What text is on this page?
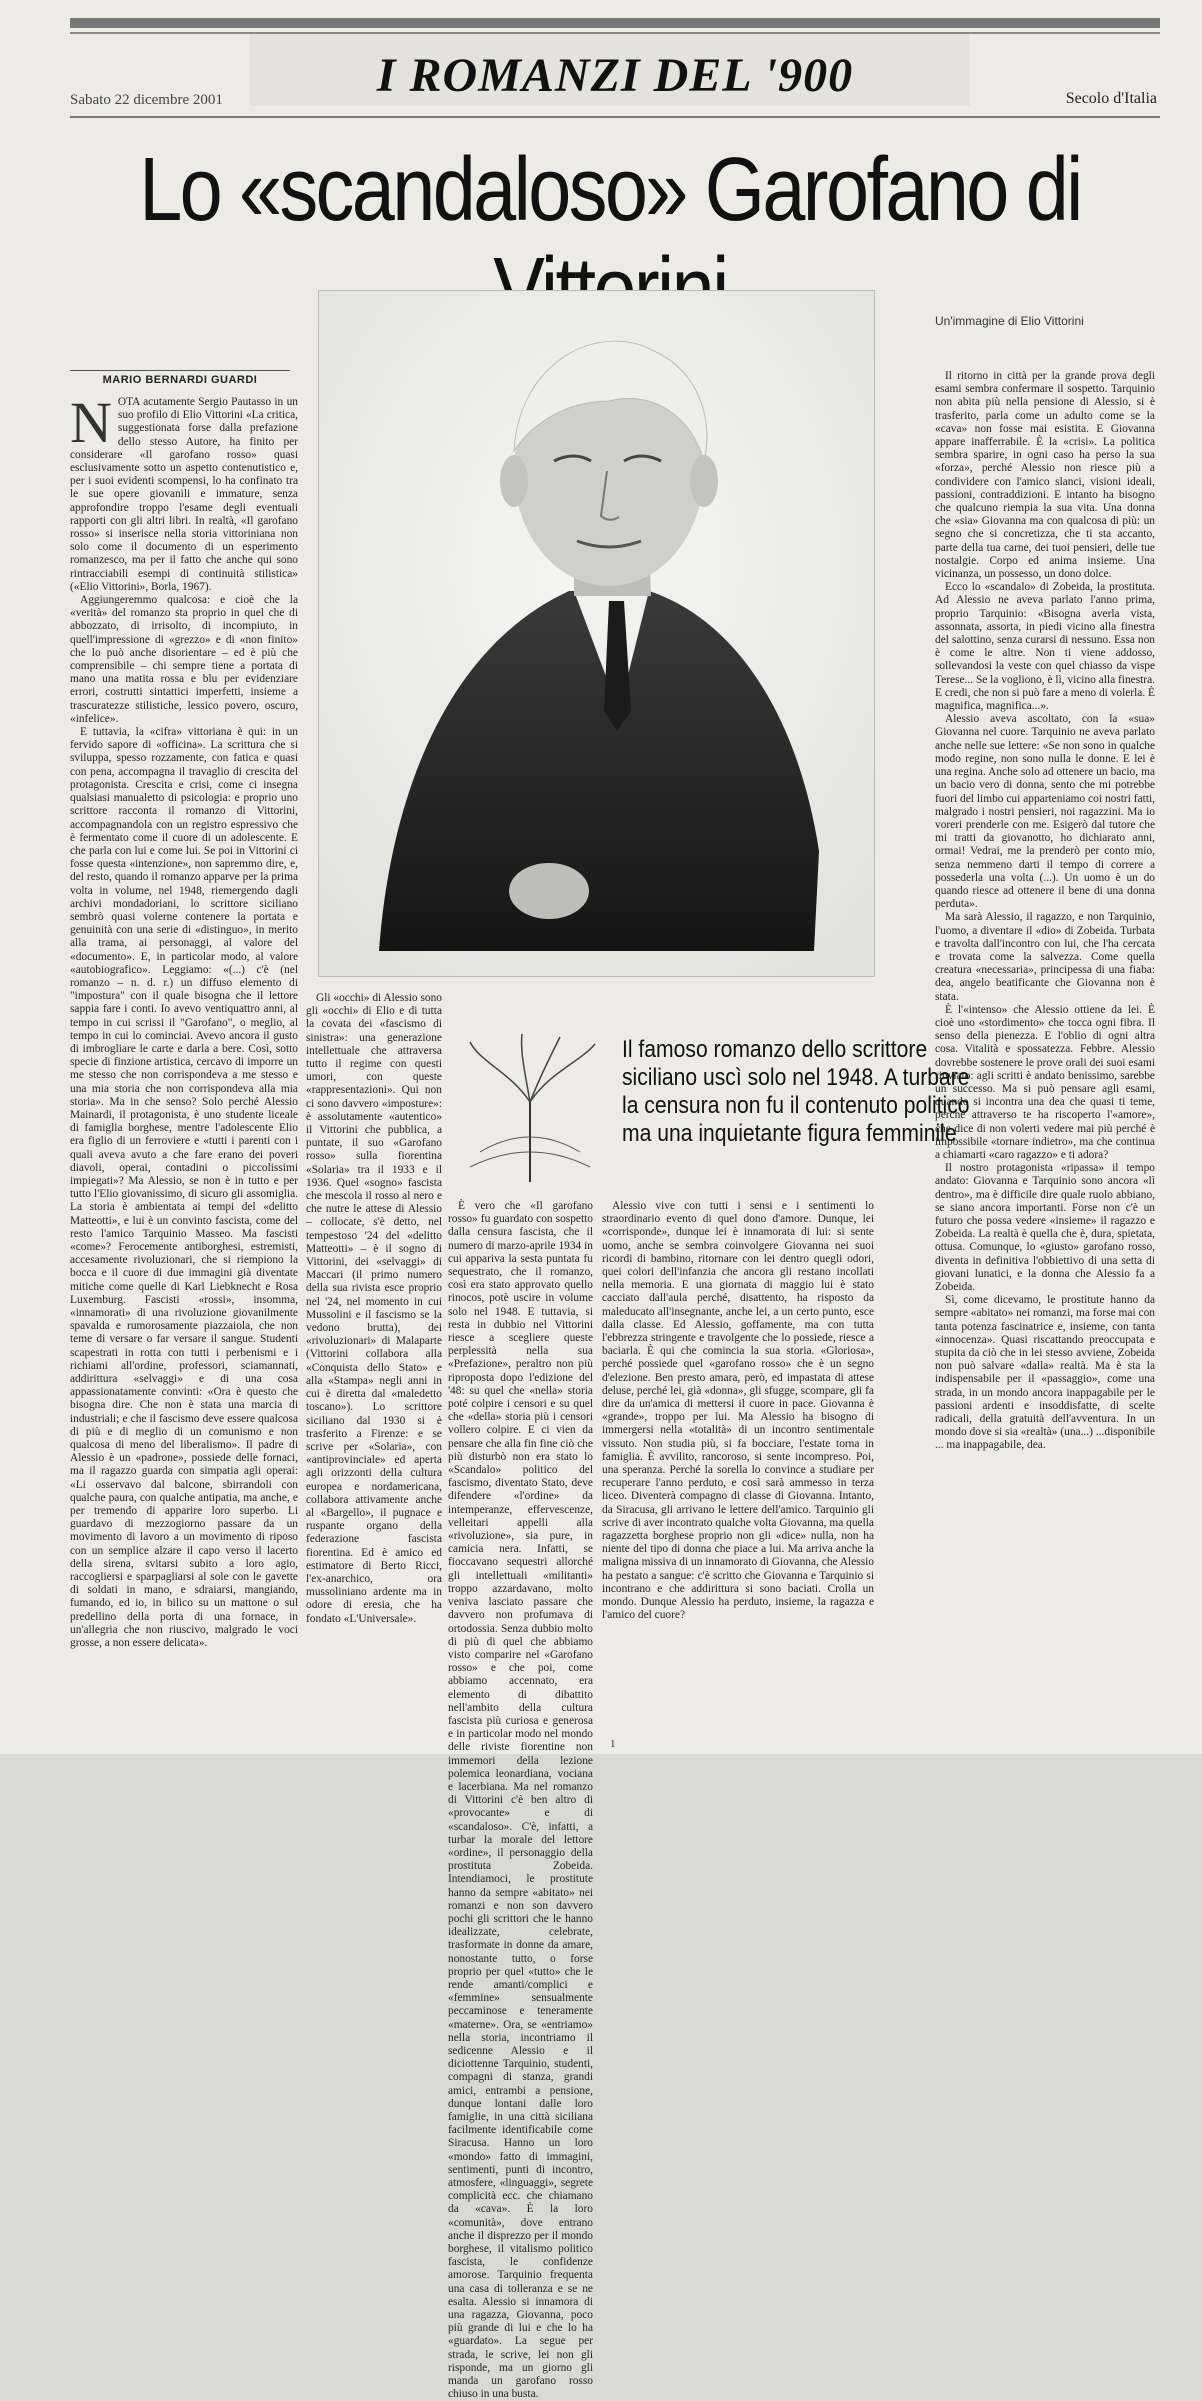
I ROMANZI DEL '900
Sabato 22 dicembre 2001	Secolo d'Italia
Lo «scandaloso» Garofano di
MARIO BERNARDI GUARDI
Un'immagine di Elio Vittorini
N OTA acutamente Sergio Pautasso in un suo profilo di Elio Vittorini «La critica, suggestionata forse dalla prefazione dello stesso Autore, ha finito per considerare «Il garofano rosso» quasi esclusivamente sotto un aspetto contenutistico e, per i suoi evidenti scompensi, lo ha confinato tra le sue opere giovanili e immature, senza approfondire troppo l'esame degli eventuali rapporti con gli altri libri. In realtà, «Il garofano rosso» si inserisce nella storia vittoriniana non solo come il documento di un esperimento romanzesco, ma per il fatto che anche qui sono rintracciabili esempi di continuità stilistica» («Elio Vittorini», Borla, 1967).

Aggiungeremmo qualcosa: e cioè che la «verità» del romanzo sta proprio in quel che di abbozzato, di irrisolto, di incompiuto, in quell'impressione di «grezzo» e di «non finito» che lo può anche disorientare – ed è più che comprensibile – chi sempre tiene a portata di mano una matita rossa e blu per evidenziare errori, costrutti sintattici imperfetti, insieme a trascuratezze stilistiche, lessico povero, oscuro, «infelice».

E tuttavia, la «cifra» vittoriana è qui: in un fervido sapore di «officina». La scrittura che si sviluppa, spesso rozzamente, con fatica e quasi con pena, accompagna il travaglio di crescita del protagonista. Crescita e crisi, come ci insegna qualsiasi manualetto di psicologia: e proprio uno scrittore racconta il romanzo di Vittorini, accompagnandola con un registro espressivo che è fermentato come il cuore di un adolescente. E che parla con lui e come lui. Se poi in Vittorini ci fosse questa «intenzione», non sapremmo dire, e, del resto, quando il romanzo apparve per la prima volta in volume, nel 1948, riemergendo dagli archivi mondadoriani, lo scrittore siciliano sembrò quasi volerne contenere la portata e genuinità con una serie di «distinguo», in merito alla trama, ai personaggi, al valore del «documento». E, in particolar modo, al valore «autobiografico». Leggiamo: «(...) c'è (nel romanzo – n. d. r.) un diffuso elemento di "impostura" con il quale bisogna che il lettore sappia fare i conti. Io avevo ventiquattro anni, al tempo in cui scrissi il "Garofano", o meglio, al tempo in cui lo cominciai. Avevo ancora il gusto di imbrogliare le carte e darla a bere. Così, sotto specie di finzione artistica, cercavo di imporre un me stesso che non corrispondeva a me stesso e una mia storia che non corrispondeva alla mia storia». Ma in che senso? Solo perché Alessio Mainardi, il protagonista, è uno studente liceale di famiglia borghese, mentre l'adolescente Elio era figlio di un ferroviere e «tutti i parenti con i quali aveva avuto a che fare erano dei poveri diavoli, operai, contadini o piccolissimi impiegati»? Ma Alessio, se non è in tutto e per tutto l'Elio giovanissimo, di sicuro gli assomiglia. La storia è ambientata ai tempi del «delitto Matteotti», e lui è un convinto fascista, come del resto l'amico Tarquinio Masseo. Ma fascisti «come»? Ferocemente antiborghesi, estremisti, accesamente rivoluzionari, che si riempiono la bocca e il cuore di due immagini già diventate mitiche come quelle di Karl Liebknecht e Rosa Luxemburg. Fascisti «rossi», insomma, «innamorati» di una rivoluzione giovanilmente spavalda e rumorosamente piazzaiola, che non teme di versare o far versare il sangue. Studenti scapestrati in rotta con tutti i perbenismi e i richiami all'ordine, professori, sciamannati, addirittura «selvaggi» e di una cosa appassionatamente convinti: «Ora è questo che bisogna dire. Che non è stata una marcia di industriali; e che il fascismo deve essere qualcosa di più e di meglio di un comunismo e non qualcosa di meno del liberalismo». Il padre di Alessio è un «padrone», possiede delle fornaci, ma il ragazzo guarda con simpatia agli operai: «Li osservavo dal balcone, sbirrandoli con qualche paura, con qualche antipatia, ma anche, e per tremendo di apparire loro superbo. Li guardavo di mezzogiorno passare da un movimento di lavoro a un movimento di riposo con un semplice alzare il capo verso il lacerto della sirena, svitarsi subito a loro agio, raccogliersi e sparpagliarsi al sole con le gavette di soldati in mano, e sdraiarsi, mangiando, fumando, ed io, in bilico su un mattone o sul predellino della porta di una fornace, in un'allegria che non riuscivo, malgrado le voci grosse, a non essere delicata».

Gli «occhi» di Alessio sono gli «occhi» di Elio e di tutta la covata dei «fascismo di sinistra»: una generazione intellettuale che attraversa tutto il regime con questi umori, con queste «rappresentazioni». Qui non ci sono davvero «imposture»: è assolutamente «autentico» il Vittorini che pubblica, a puntate, il suo «Garofano rosso» sulla fiorentina «Solaria» tra il 1933 e il 1936. Quel «sogno» fascista che mescola il rosso al nero e che nutre le attese di Alessio – collocate, s'è detto, nel tempestoso '24 del «delitto Matteotti» – è il sogno di Vittorini, dei «selvaggi» di Maccari (il primo numero della sua rivista esce proprio nel '24, nel momento in cui Mussolini e il fascismo se la vedono brutta), dei «rivoluzionari» di Malaparte (Vittorini collabora alla «Conquista dello Stato» e alla «Stampa» negli anni in cui è diretta dal «maledetto toscano»). Lo scrittore siciliano dal 1930 si è trasferito a Firenze: e se scrive per «Solaria», con «antiprovinciale» ed aperta agli orizzonti della cultura europea e nordamericana, collabora attivamente anche al «Bargello», il pugnace e ruspante organo della federazione fascista fiorentina. Ed è amico ed estimatore di Berto Ricci, l'ex-anarchico, ora mussoliniano ardente ma in odore di eresia, che ha fondato «L'Universale».

Il famoso romanzo dello scrittore siciliano uscì solo nel 1948. A turbare la censura non fu il contenuto politico ma una inquietante figura femminile

È vero che «Il garofano rosso» fu guardato con sospetto dalla censura fascista, che il numero di marzo-aprile 1934 in cui appariva la sesta puntata fu sequestrato, che il romanzo, così era stato approvato quello rinocos, potè uscire in volume solo nel 1948. E tuttavia, si resta in dubbio nel Vittorini riesce a scegliere queste perplessità nella sua «Prefazione», peraltro non più riproposta dopo l'edizione del '48: su quel che «nella» storia poté colpire i censori e su quel che «della» storia più i censori vollero colpire. E ci vien da pensare che alla fin fine ciò che più disturbò non era stato lo «Scandalo» politico del fascismo, diventato Stato, deve difendere «l'ordine» da intemperanze, effervescenze, velleitari appelli alla «rivoluzione», sia pure, in camicia nera. Infatti, se fioccavano sequestri allorché gli intellettuali «militanti» troppo azzardavano, molto veniva lasciato passare che davvero non profumava di ortodossia. Senza dubbio molto di più di quel che abbiamo visto comparire nel «Garofano rosso» e che poi, come abbiamo accennato, era elemento di dibattito nell'ambito della cultura fascista più curiosa e generosa e in particolar modo nel mondo delle riviste fiorentine non immemori della lezione polemica leonardiana, vociana e lacerbiana. Ma nel romanzo di Vittorini c'è ben altro di «provocante» e di «scandaloso». C'è, infatti, a turbar la morale del lettore «ordine», il personaggio della prostituta Zobeida. Intendiamoci, le prostitute hanno da sempre «abitato» nei romanzi e non son davvero pochi gli scrittori che le hanno idealizzate, celebrate, trasformate in donne da amare, nonostante tutto, o forse proprio per quel «tutto» che le rende amanti/complici e «femmine» sensualmente peccaminose e teneramente «materne». Ora, se «entriamo» nella storia, incontriamo il sedicenne Alessio e il diciottenne Tarquinio, studenti, compagni di stanza, grandi amici, entrambi a pensione, dunque lontani dalle loro famiglie, in una città siciliana facilmente identificabile come Siracusa. Hanno un loro «mondo» fatto di immagini, sentimenti, punti di incontro, atmosfere, «linguaggi», segrete complicità ecc. che chiamano da «cava». È la loro «comunità», dove entrano anche il disprezzo per il mondo borghese, il vitalismo politico fascista, le confidenze amorose. Tarquinio frequenta una casa di tolleranza e se ne esalta. Alessio si innamora di una ragazza, Giovanna, poco più grande di lui e che lo ha «guardato». La segue per strada, le scrive, lei non gli risponde, ma un giorno gli manda un garofano rosso chiuso in una busta.

Alessio vive con tutti i sensi e i sentimenti lo straordinario evento di quel dono d'amore. Dunque, lei «corrisponde», dunque lei è innamorata di lui: si sente uomo, anche se sembra coinvolgere Giovanna nei suoi ricordi di bambino, ritornare con lei dentro quegli odori, quei colori dell'infanzia che ancora gli restano incollati nella memoria. E una giornata di maggio lui è stato cacciato dall'aula perché, disattento, ha risposto da maleducato all'insegnante, anche lei, a un certo punto, esce dalla classe. Ed Alessio, goffamente, ma con tutta l'ebbrezza stringente e travolgente che lo possiede, riesce a baciarla. È qui che comincia la sua storia. «Gloriosa», perché possiede quel «garofano rosso» che è un segno d'elezione. Ben presto amara, però, ed impastata di attese deluse, perché lei, già «donna», gli sfugge, scompare, gli fa dire da un'amica di mettersi il cuore in pace. Giovanna è «grande», troppo per lui. Ma Alessio ha bisogno di immergersi nella «totalità» di un incontro sentimentale vissuto. Non studia più, si fa bocciare, l'estate torna in famiglia. È avvilito, rancoroso, si sente incompreso. Poi, una speranza. Perché la sorella lo convince a studiare per recuperare l'anno perduto, e così sarà ammesso in terza liceo. Diventerà compagno di classe di Giovanna. Intanto, da Siracusa, gli arrivano le lettere dell'amico. Tarquinio gli scrive di aver incontrato qualche volta Giovanna, ma quella ragazzetta borghese proprio non gli «dice» nulla, non ha niente del tipo di donna che piace a lui. Ma arriva anche la maligna missiva di un innamorato di Giovanna, che Alessio ha pestato a sangue: c'è scritto che Giovanna e Tarquinio si incontrano e che addirittura si sono baciati. Crolla un mondo. Dunque Alessio ha perduto, insieme, la ragazza e l'amico del cuore?

Il ritorno in città per la grande prova degli esami sembra confermare il sospetto. Tarquinio non abita più nella pensione di Alessio, si è trasferito, parla come un adulto come se la «cava» non fosse mai esistita. E Giovanna appare inafferrabile. È la «crisi». La politica sembra sparire, in ogni caso ha perso la sua «forza», perché Alessio non riesce più a condividere con l'amico slanci, visioni ideali, passioni, contraddizioni. E intanto ha bisogno che qualcuno riempia la sua vita. Una donna che «sia» Giovanna ma con qualcosa di più: un segno che si concretizza, che ti sta accanto, parte della tua carne, dei tuoi pensieri, delle tue nostalgie. Corpo ed anima insieme. Una vicinanza, un possesso, un dono dolce.

Ecco lo «scandalo» di Zobeida, la prostituta. Ad Alessio ne aveva parlato l'anno prima, proprio Tarquinio: «Bisogna averla vista, assonnata, assorta, in piedi vicino alla finestra del salottino, senza curarsi di nessuno. Essa non è come le altre. Non ti viene addosso, sollevandosi la veste con quel chiasso da vispe Terese... Se la vogliono, è lì, vicino alla finestra. E credi, che non si può fare a meno di volerla. È magnifica, magnifica...».

Alessio aveva ascoltato, con la «sua» Giovanna nel cuore. Tarquinio ne aveva parlato anche nelle sue lettere: «Se non sono in qualche modo regine, non sono nulla le donne. E lei è una regina. Anche solo ad ottenere un bacio, ma un bacio vero di donna, sento che mi potrebbe fuori del limbo cui apparteniamo coi nostri fatti, malgrado i nostri pensieri, noi ragazzini. Ma io voreri prenderle con me. Esigerò dal tutore che mi tratti da giovanotto, ho dichiarato anni, ormai! Vedrai, me la prenderò per conto mio, senza nemmeno darti il tempo di correre a possederla una volta (...). Un uomo è un do quando riesce ad ottenere il bene di una donna perduta».

Ma sarà Alessio, il ragazzo, e non Tarquinio, l'uomo, a diventare il «dio» di Zobeida. Turbata e travolta dall'incontro con lui, che l'ha cercata e trovata come la salvezza. Come quella creatura «necessaria», principessa di una fiaba: dea, angelo beatificante che Giovanna non è stata.

È l'«intenso» che Alessio ottiene da lei. È cioè uno «stordimento» che tocca ogni fibra. Il senso della pienezza. E l'oblio di ogni altra cosa. Vitalità e spossatezza. Febbre. Alessio dovrebbe sostenere le prove orali dei suoi esami rinviato: agli scritti è andato benissimo, sarebbe un successo. Ma si può pensare agli esami, quando si incontra una dea che quasi ti teme, perché attraverso te ha riscoperto l'«amore», che dice di non volerti vedere mai più perché è impossibile «tornare indietro», ma che continua a chiamarti «caro ragazzo» e ti adora?

Il nostro protagonista «ripassa» il tempo andato: Giovanna e Tarquinio sono ancora «lì dentro», ma è difficile dire quale ruolo abbiano, se siano ancora importanti. Forse non c'è un futuro che possa vedere «insieme» il ragazzo e Zobeida. La realtà è quella che è, dura, spietata, ottusa. Comunque, lo «giusto» garofano rosso, diventa in definitiva l'obbiettivo di una setta di giovani lunatici, e la donna che Alessio fa a Zobeida.

Sì, come dicevamo, le prostitute hanno da sempre «abitato» nei romanzi, ma forse mai con tanta potenza fascinatrice e, insieme, con tanta «innocenza». Quasi riscattando preoccupata e stupita da ciò che in lei stesso avviene, Zobeida non può salvare «dalla» realtà. Ma è sta la indispensabile per il «passaggio», come una strada, in un mondo ancora inappagabile per le passioni ardenti e insoddisfatte, di scelte radicali, della gratuità dell'avventura. In un mondo dove si sia «realtà» (una...) ...disponibile ... ma inappagabile, dea.

1
